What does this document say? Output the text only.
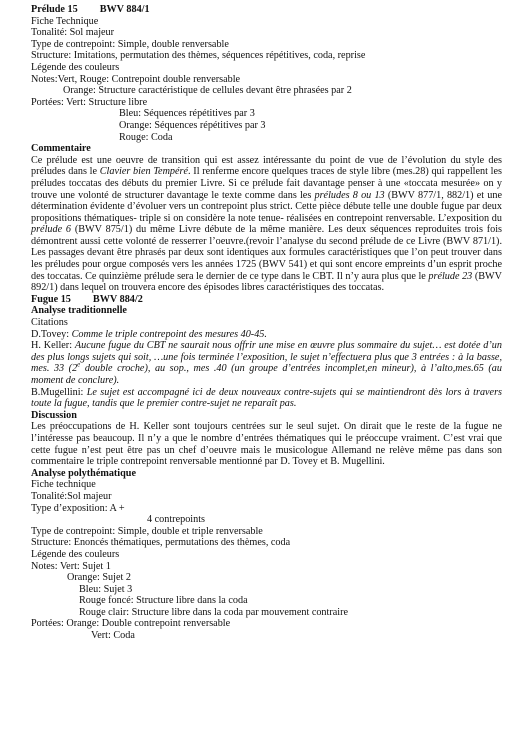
Prélude 15 BWV 884/1
Fiche Technique
Tonalité: Sol majeur
Type de contrepoint: Simple, double renversable
Structure: Imitations, permutation des thèmes, séquences répétitives, coda, reprise
Légende des couleurs
Notes:Vert, Rouge: Contrepoint double renversable
Orange: Structure caractéristique de cellules devant être phrasées par 2
Portées: Vert: Structure libre
Bleu: Séquences répétitives par 3
Orange: Séquences répétitives par 3
Rouge: Coda
Commentaire
Ce prélude est une oeuvre de transition qui est assez intéressante du point de vue de l’évolution du style des préludes dans le Clavier bien Tempéré. Il renferme encore quelques traces de style libre (mes.28) qui rappellent les préludes toccatas des débuts du premier Livre. Si ce prélude fait davantage penser à une «toccata mesurée» on y trouve une volonté de structurer davantage le texte comme dans les préludes 8 ou 13 (BWV 877/1, 882/1) et une détermination évidente d’évoluer vers un contrepoint plus strict. Cette pièce débute telle une double fugue par deux propositions thématiques- triple si on considère la note tenue- réalisées en contrepoint renversable. L’exposition du prélude 6 (BWV 875/1) du même Livre débute de la même manière. Les deux séquences reproduites trois fois démontrent aussi cette volonté de resserrer l’oeuvre.(revoir l’analyse du second prélude de ce Livre (BWV 871/1). Les passages devant être phrasés par deux sont identiques aux formules caractéristiques que l’on peut trouver dans les préludes pour orgue composés vers les années 1725 (BWV 541) et qui sont encore empreints d’un esprit proche des toccatas. Ce quinzième prélude sera le dernier de ce type dans le CBT. Il n’y aura plus que le prélude 23 (BWV 892/1) dans lequel on trouvera encore des épisodes libres caractéristiques des toccatas.
Fugue 15 BWV 884/2
Analyse traditionnelle
Citations
D.Tovey: Comme le triple contrepoint des mesures 40-45.
H. Keller: Aucune fugue du CBT ne saurait nous offrir une mise en œuvre plus sommaire du sujet… est dotée d’un des plus longs sujets qui soit, …une fois terminée l’exposition, le sujet n’effectuera plus que 3 entrées : à la basse, mes. 33 (2e double croche), au sop., mes .40 (un groupe d’entrées incomplet,en mineur), à l’alto,mes.65 (au moment de conclure).
B.Mugellini: Le sujet est accompagné ici de deux nouveaux contre-sujets qui se maintiendront dès lors à travers toute la fugue, tandis que le premier contre-sujet ne reparaît pas.
Discussion
Les préoccupations de H. Keller sont toujours centrées sur le seul sujet. On dirait que le reste de la fugue ne l’intéresse pas beaucoup. Il n’y a que le nombre d’entrées thématiques qui le préoccupe vraiment. C’est vrai que cette fugue n’est peut être pas un chef d’oeuvre mais le musicologue Allemand ne relève même pas dans son commentaire le triple contrepoint renversable mentionné par D. Tovey et B. Mugellini.
Analyse polythématique
Fiche technique
Tonalité:Sol majeur
Type d’exposition: A +
4 contrepoints
Type de contrepoint: Simple, double et triple renversable
Structure: Enoncés thématiques, permutations des thèmes, coda
Légende des couleurs
Notes: Vert: Sujet 1
Orange: Sujet 2
Bleu: Sujet 3
Rouge foncé: Structure libre dans la coda
Rouge clair: Structure libre dans la coda par mouvement contraire
Portées: Orange: Double contrepoint renversable
Vert: Coda
